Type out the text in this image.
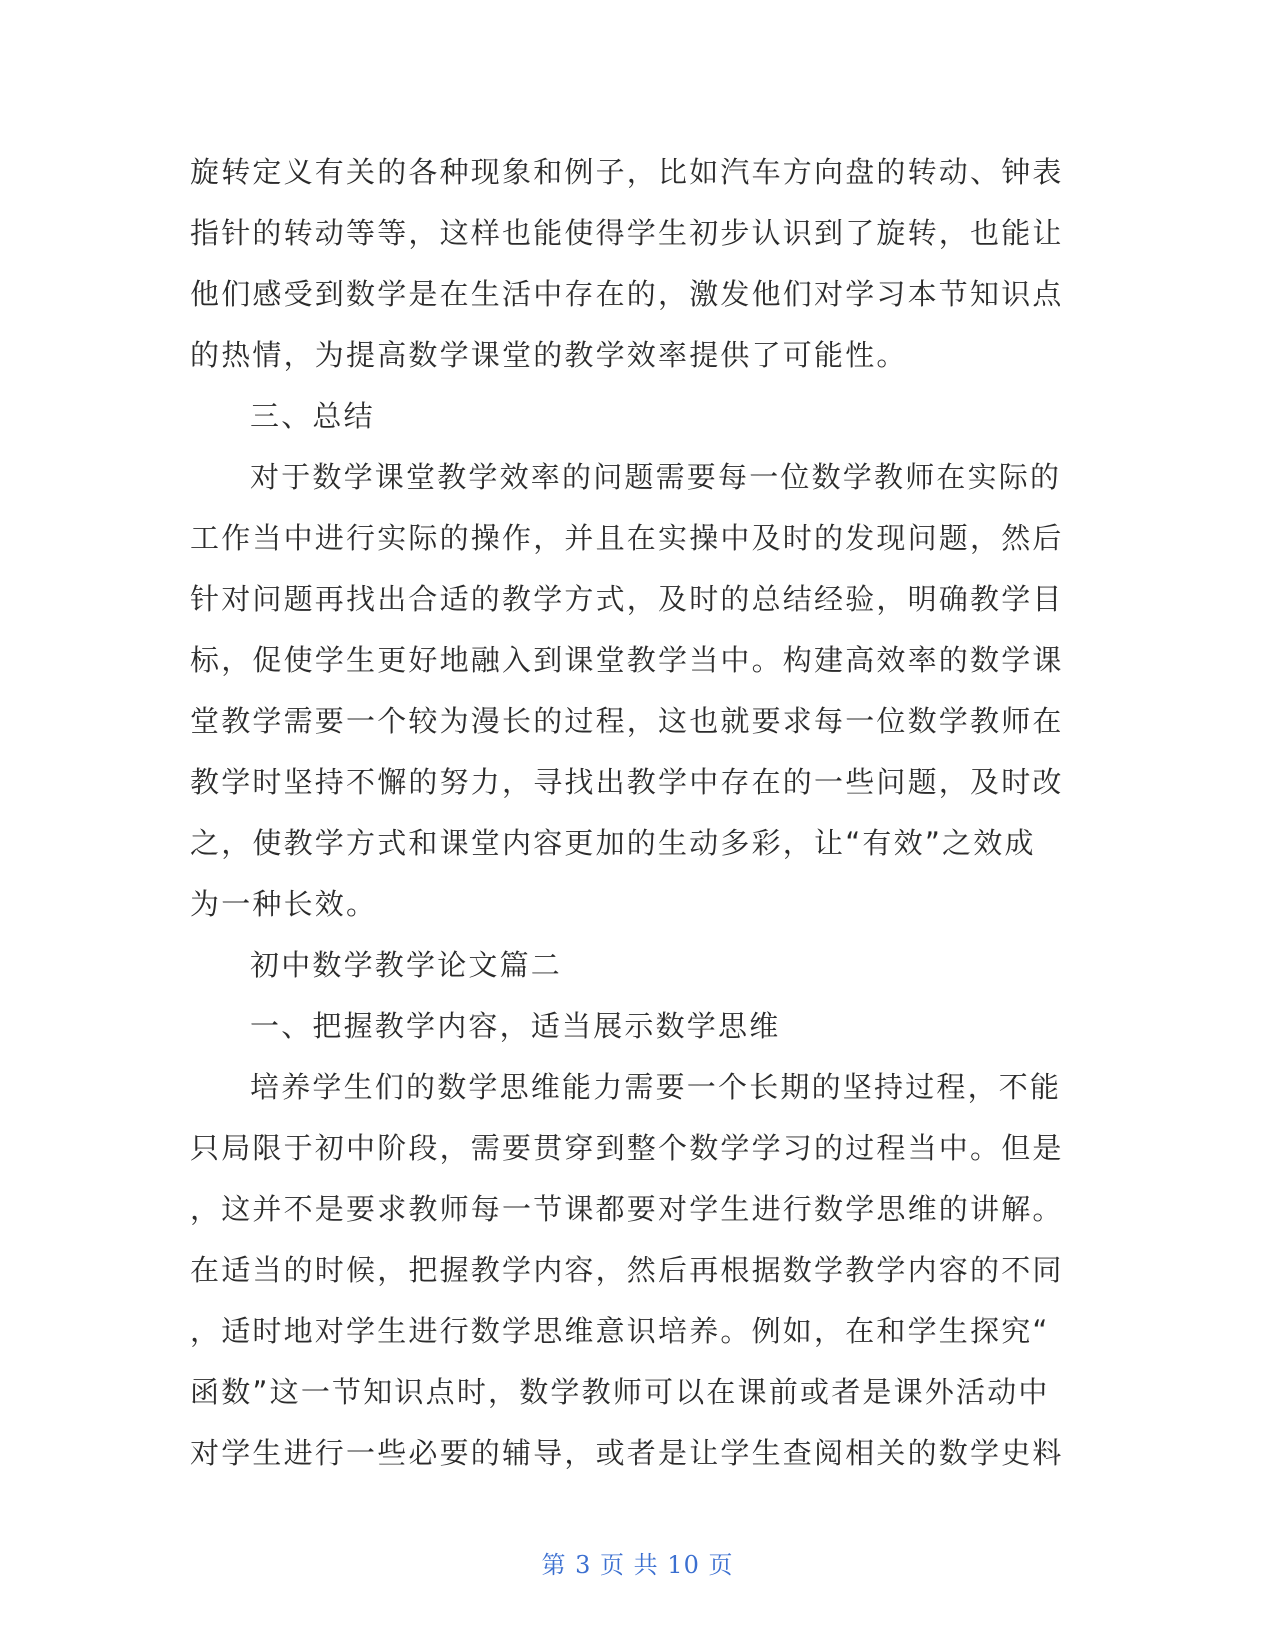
旋转定义有关的各种现象和例子，比如汽车方向盘的转动、钟表
指针的转动等等，这样也能使得学生初步认识到了旋转，也能让
他们感受到数学是在生活中存在的，激发他们对学习本节知识点
的热情，为提高数学课堂的教学效率提供了可能性。
三、总结
对于数学课堂教学效率的问题需要每一位数学教师在实际的
工作当中进行实际的操作，并且在实操中及时的发现问题，然后
针对问题再找出合适的教学方式，及时的总结经验，明确教学目
标，促使学生更好地融入到课堂教学当中。构建高效率的数学课
堂教学需要一个较为漫长的过程，这也就要求每一位数学教师在
教学时坚持不懈的努力，寻找出教学中存在的一些问题，及时改
之，使教学方式和课堂内容更加的生动多彩，让“有效”之效成
为一种长效。
初中数学教学论文篇二
一、把握教学内容，适当展示数学思维
培养学生们的数学思维能力需要一个长期的坚持过程，不能
只局限于初中阶段，需要贯穿到整个数学学习的过程当中。但是
，这并不是要求教师每一节课都要对学生进行数学思维的讲解。
在适当的时候，把握教学内容，然后再根据数学教学内容的不同
，适时地对学生进行数学思维意识培养。例如，在和学生探究“
函数”这一节知识点时，数学教师可以在课前或者是课外活动中
对学生进行一些必要的辅导，或者是让学生查阅相关的数学史料
第 3 页 共 10 页
